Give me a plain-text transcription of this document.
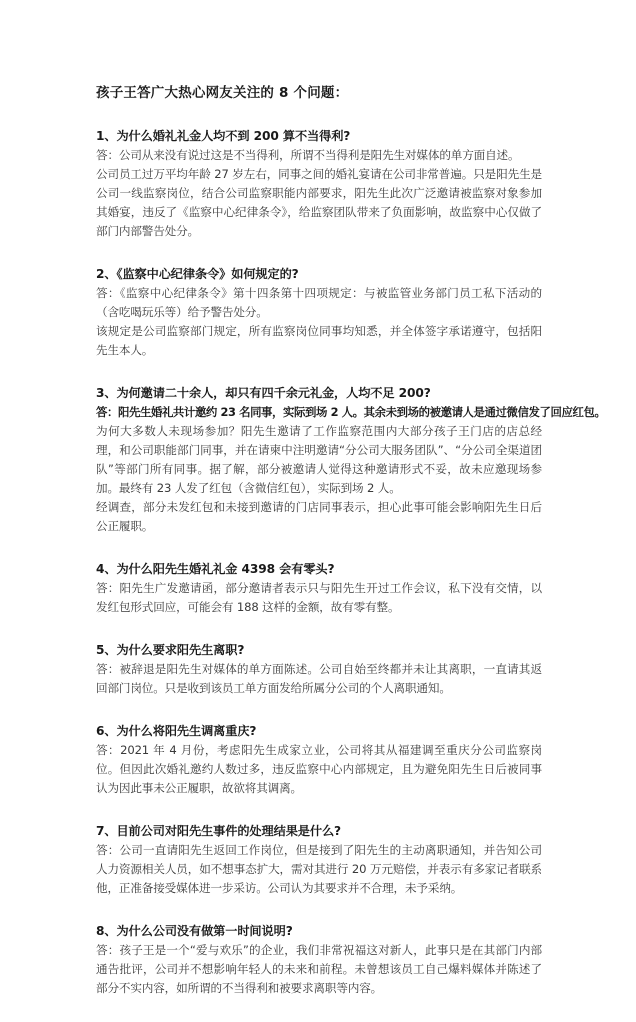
孩子王答广大热心网友关注的 8 个问题：
1、为什么婚礼礼金人均不到 200 算不当得利?
答：公司从来没有说过这是不当得利，所谓不当得利是阳先生对媒体的单方面自述。
公司员工过万平均年龄 27 岁左右，同事之间的婚礼宴请在公司非常普遍。只是阳先生是公司一线监察岗位，结合公司监察职能内部要求，阳先生此次广泛邀请被监察对象参加其婚宴，违反了《监察中心纪律条令》，给监察团队带来了负面影响，故监察中心仅做了部门内部警告处分。
2、《监察中心纪律条令》如何规定的?
答：《监察中心纪律条令》第十四条第十四项规定：与被监管业务部门员工私下活动的（含吃喝玩乐等）给予警告处分。
该规定是公司监察部门规定，所有监察岗位同事均知悉，并全体签字承诺遵守，包括阳先生本人。
3、为何邀请二十余人，却只有四千余元礼金，人均不足 200?
答：阳先生婚礼共计邀约 23 名同事，实际到场 2 人。其余未到场的被邀请人是通过微信发了回应红包。
为何大多数人未现场参加？阳先生邀请了工作监察范围内大部分孩子王门店的店总经理，和公司职能部门同事，并在请柬中注明邀请“分公司大服务团队”、“分公司全渠道团队”等部门所有同事。据了解，部分被邀请人觉得这种邀请形式不妥，故未应邀现场参加。最终有 23 人发了红包（含微信红包），实际到场 2 人。
经调查，部分未发红包和未接到邀请的门店同事表示，担心此事可能会影响阳先生日后公正履职。
4、为什么阳先生婚礼礼金 4398 会有零头?
答：阳先生广发邀请函，部分邀请者表示只与阳先生开过工作会议，私下没有交情，以发红包形式回应，可能会有 188 这样的金额，故有零有整。
5、为什么要求阳先生离职?
答：被辞退是阳先生对媒体的单方面陈述。公司自始至终都并未让其离职，一直请其返回部门岗位。只是收到该员工单方面发给所属分公司的个人离职通知。
6、为什么将阳先生调离重庆?
答：2021 年 4 月份，考虑阳先生成家立业，公司将其从福建调至重庆分公司监察岗位。但因此次婚礼邀约人数过多，违反监察中心内部规定，且为避免阳先生日后被同事认为因此事未公正履职，故欲将其调离。
7、目前公司对阳先生事件的处理结果是什么?
答：公司一直请阳先生返回工作岗位，但是接到了阳先生的主动离职通知，并告知公司人力资源相关人员，如不想事态扩大，需对其进行 20 万元赔偿，并表示有多家记者联系他，正准备接受媒体进一步采访。公司认为其要求并不合理，未予采纳。
8、为什么公司没有做第一时间说明?
答：孩子王是一个“爱与欢乐”的企业，我们非常祝福这对新人，此事只是在其部门内部通告批评，公司并不想影响年轻人的未来和前程。未曾想该员工自己爆料媒体并陈述了部分不实内容，如所谓的不当得利和被要求离职等内容。
